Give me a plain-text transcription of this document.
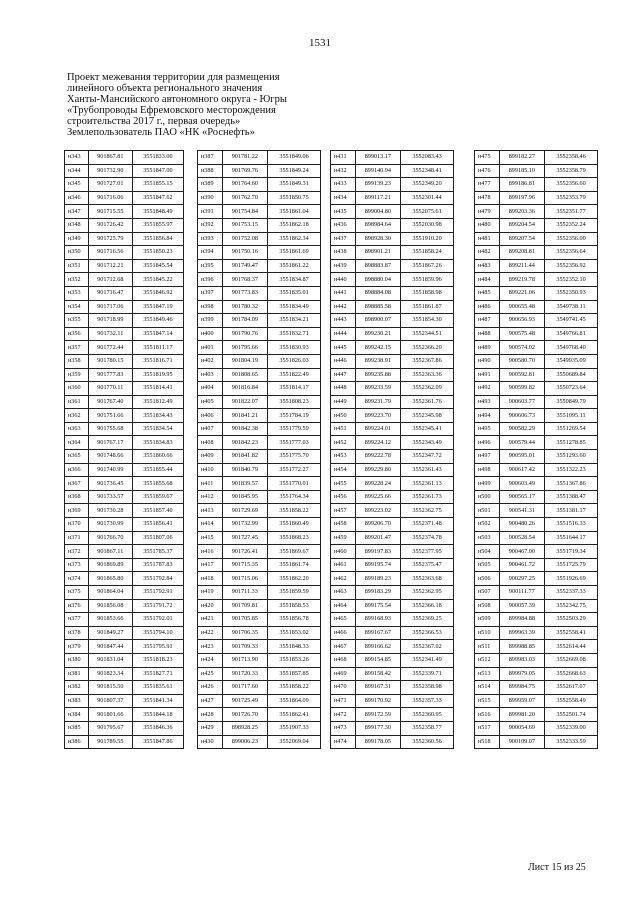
1531
Проект межевания территории для размещения
линейного объекта регионального значения
Ханты-Мансийского автономного округа - Югры
«Трубопроводы Ефремовского месторождения
строительства 2017 г., первая очередь»
Землепользователь ПАО «НК «Роснефть»
н343	901867.81	3551833.00
н344	901732.90	3551847.00
н345	901727.01	3551855.15
н346	901716.06	3551847.62
н347	901715.55	3551848.49
н348	901726.42	3551855.97
н349	901725.79	3551856.84
н350	901716.56	3551850.23
н351	901712.21	3551845.54
н352	901712.68	3551845.22
н353	901716.47	3551846.92
н354	901717.06	3551847.19
н355	901718.99	3551849.46
н356	901732.11	3551847.14
н357	901772.44	3551811.17
н358	901780.15	3551816.71
н359	901777.83	3551819.95
н360	901770.11	3551814.41
н361	901767.40	3551812.49
н362	901751.66	3551834.43
н363	901755.68	3551834.54
н364	901767.17	3551834.83
н365	901748.66	3551860.66
н366	901740.99	3551855.44
н367	901736.45	3551855.68
н368	901733.57	3551859.67
н369	901730.28	3551857.40
н370	901730.99	3551856.41
н371	901766.70	3551807.06
н372	901867.11	3551785.37
н373	901869.89	3551787.83
н374	901865.80	3551792.84
н375	901864.04	3551792.91
н376	901856.08	3551791.72
н377	901853.66	3551792.01
н378	901849.27	3551794.10
н379	901847.44	3551795.91
н380	901831.04	3551818.23
н381	901823.34	3551827.71
н382	901815.50	3551835.61
н383	901807.37	3551841.34
н384	901801.66	3551844.18
н385	901795.67	3551846.36
н386	901789.55	3551847.86
н387	901781.22	3551849.06
н388	901769.76	3551849.24
н389	901764.60	3551849.31
н390	901762.70	3551850.75
н391	901754.84	3551861.04
н392	901753.15	3551862.18
н393	901752.08	3551862.34
н394	901750.16	3551861.69
н395	901749.47	3551861.22
н396	901768.37	3551834.87
н397	901773.83	3551835.01
н398	901780.32	3551834.49
н399	901784.09	3551834.21
н400	901790.76	3551832.71
н401	901795.66	3551830.93
н402	901804.19	3551826.03
н403	901808.65	3551822.49
н404	901816.84	3551814.17
н405	901822.07	3551808.23
н406	901841.21	3551784.19
н407	901842.38	3551779.59
н408	901842.23	3551777.03
н409	901841.82	3551775.70
н410	901840.79	3551772.27
н411	901839.57	3551770.01
н412	901845.95	3551764.34
н413	901729.69	3551858.22
н414	901732.99	3551860.49
н415	901727.45	3551868.23
н416	901726.41	3551869.67
н417	901715.35	3551861.74
н418	901715.06	3551862.20
н419	901711.33	3551859.59
н420	901709.81	3551858.53
н421	901705.85	3551856.78
н422	901706.35	3551853.02
н423	901709.33	3551848.33
н424	901713.90	3551853.26
н425	901720.33	3551857.85
н426	901717.60	3551858.22
н427	901725.49	3551864.09
н428	901726.70	3551862.41
н429	898928.25	3551907.33
н430	899006.23	3552069.04
н431	899013.17	3552083.43
н432	899140.94	3552348.41
н433	899139.23	3552349.20
н434	899117.21	3552301.44
н435	899004.80	3552075.61
н436	898984.64	3552030.98
н437	898928.30	3551910.20
н438	898901.21	3551858.24
н439	898883.87	3551867.26
н440	898880.04	3551859.96
н441	898884.08	3551858.98
н442	898885.58	3551861.87
н443	898900.07	3551854.30
н444	899230.21	3552344.51
н445	899242.15	3552366.20
н446	899238.91	3552367.86
н447	899235.88	3552363.36
н448	899233.59	3552362.09
н449	899231.79	3552361.76
н450	899223.70	3552345.98
н451	899224.01	3552345.41
н452	899224.12	3552343.49
н453	899222.78	3552347.72
н454	899229.80	3552361.43
н455	899228.24	3552361.13
н456	899225.66	3552361.73
н457	899223.02	3552362.75
н458	899206.70	3552371.48
н459	899201.47	3552374.78
н460	899197.83	3552377.95
н461	899195.74	3552375.47
н462	899189.23	3552363.68
н463	899183.29	3552362.95
н464	899175.54	3552366.18
н465	899168.93	3552369.25
н466	899167.67	3552366.53
н467	899166.62	3552367.02
н468	899154.85	3552341.49
н469	899158.42	3552339.71
н470	899167.31	3552358.98
н471	899170.92	3552357.33
н472	899172.59	3552360.95
н473	899177.30	3552358.77
н474	899178.05	3552360.56
н475	899182.27	3552358.46
н476	899185.10	3552358.79
н477	899186.81	3552356.60
н478	899197.96	3552353.79
н479	899203.36	3552351.77
н480	899204.54	3552352.24
н481	899207.54	3552356.00
н482	899208.81	3552356.64
н483	899211.44	3552356.92
н484	899219.78	3552352.10
н485	899221.06	3552350.93
н486	900655.48	3549738.11
н487	900656.93	3549741.45
н488	900575.48	3549766.81
н489	900574.02	3549768.40
н490	900580.70	3549935.09
н491	900592.81	3550689.84
н492	900599.82	3550723.64
н493	900603.77	3550849.79
н494	900606.73	3551095.11
н495	900582.29	3551269.54
н496	900579.44	3551278.85
н497	900595.01	3551293.60
н498	900617.42	3551322.23
н499	900603.49	3551367.86
н500	900565.17	3551388.47
н501	900541.31	3551381.17
н502	900480.26	3551516.33
н503	900528.54	3551644.17
н504	900467.00	3551719.34
н505	900461.72	3551725.79
н506	900297.25	3551926.69
н507	900111.77	3552337.33
н508	900057.39	3552342.75
н509	899984.88	3552503.29
н510	899963.39	3552558.41
н511	899988.85	3552614.44
н512	899983.03	3552669.08
н513	899979.05	3552668.63
н514	899984.75	3552617.07
н515	899959.07	3552558.49
н516	899981.20	3552501.74
н517	900054.69	3552339.00
н518	900109.07	3552333.59
Лист 15 из 25
